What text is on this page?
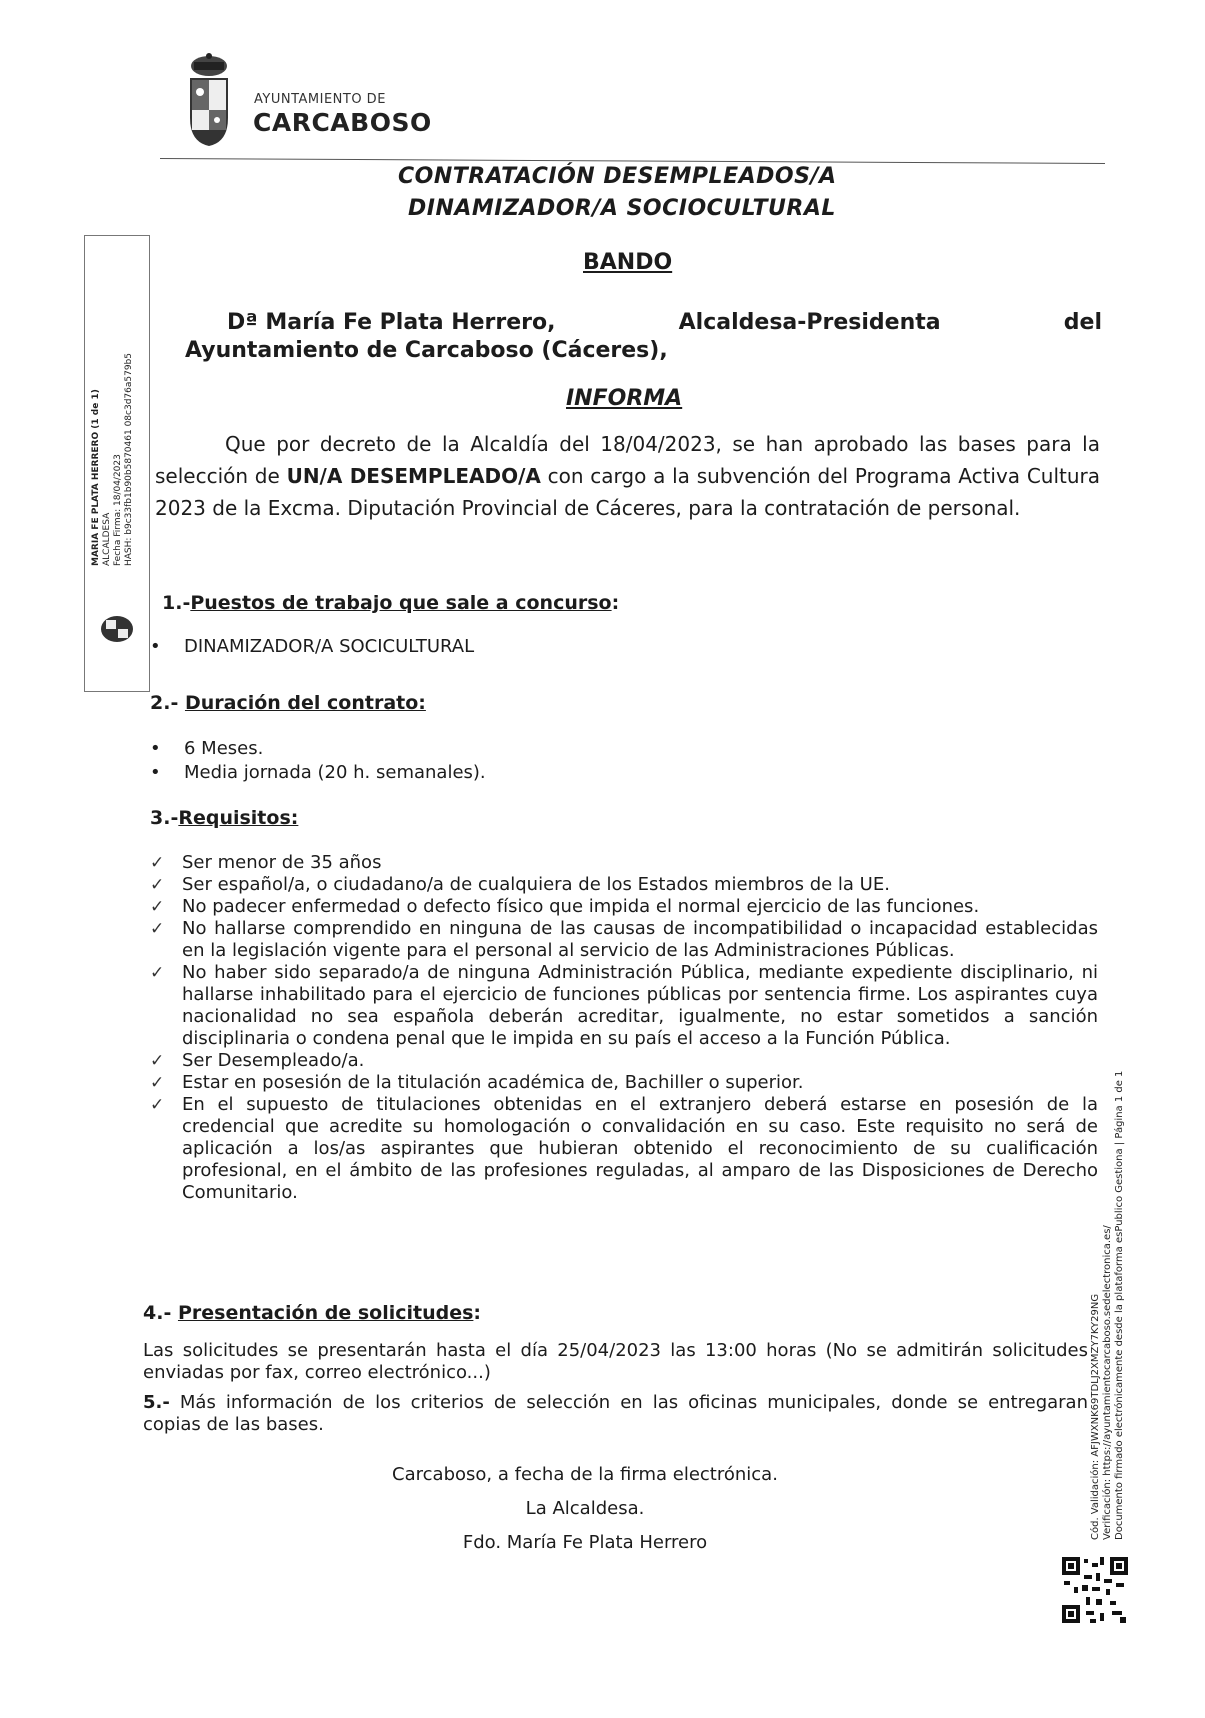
AYUNTAMIENTO DE
CARCABOSO
CONTRATACIÓN DESEMPLEADOS/A
DINAMIZADOR/A SOCIOCULTURAL
BANDO
Dª María Fe Plata Herrero,	Alcaldesa-Presidenta	del
Ayuntamiento de Carcaboso (Cáceres),
INFORMA
Que por decreto de la Alcaldía del 18/04/2023, se han aprobado las bases para la selección de UN/A DESEMPLEADO/A con cargo a la subvención del Programa Activa Cultura 2023 de la Excma. Diputación Provincial de Cáceres, para la contratación de personal.
1.-Puestos de trabajo que sale a concurso:
• DINAMIZADOR/A SOCICULTURAL
2.- Duración del contrato:
• 6 Meses.
• Media jornada (20 h. semanales).
3.-Requisitos:

✓ Ser menor de 35 años

✓ Ser español/a, o ciudadano/a de cualquiera de los Estados miembros de la UE.

✓ No padecer enfermedad o defecto físico que impida el normal ejercicio de las funciones.

✓ No hallarse comprendido en ninguna de las causas de incompatibilidad o incapacidad establecidas en la legislación vigente para el personal al servicio de las Administraciones Públicas.

✓ No haber sido separado/a de ninguna Administración Pública, mediante expediente disciplinario, ni hallarse inhabilitado para el ejercicio de funciones públicas por sentencia firme. Los aspirantes cuya nacionalidad no sea española deberán acreditar, igualmente, no estar sometidos a sanción disciplinaria o condena penal que le impida en su país el acceso a la Función Pública.

✓ Ser Desempleado/a.

✓ Estar en posesión de la titulación académica de, Bachiller o superior.

✓ En el supuesto de titulaciones obtenidas en el extranjero deberá estarse en posesión de la credencial que acredite su homologación o convalidación en su caso. Este requisito no será de aplicación a los/as aspirantes que hubieran obtenido el reconocimiento de su cualificación profesional, en el ámbito de las profesiones reguladas, al amparo de las Disposiciones de Derecho Comunitario.

4.- Presentación de solicitudes:
Las solicitudes se presentarán hasta el día 25/04/2023 las 13:00 horas (No se admitirán solicitudes enviadas por fax, correo electrónico...)
5.- Más información de los criterios de selección en las oficinas municipales, donde se entregaran copias de las bases.
Carcaboso, a fecha de la firma electrónica.
La Alcaldesa.
Fdo. María Fe Plata Herrero
MARIA FE PLATA HERRERO (1 de 1) ALCALDESA Fecha Firma: 18/04/2023 HASH: b9c33fb1b90b5870461 08c3d76a579b5
Cód. Validación: AFJWXNK69TDLJ2XMZY7KY29NG Verificación: https://ayuntamientocarcaboso.sedelectronica.es/ Documento firmado electrónicamente desde la plataforma esPublico Gestiona | Página 1 de 1
